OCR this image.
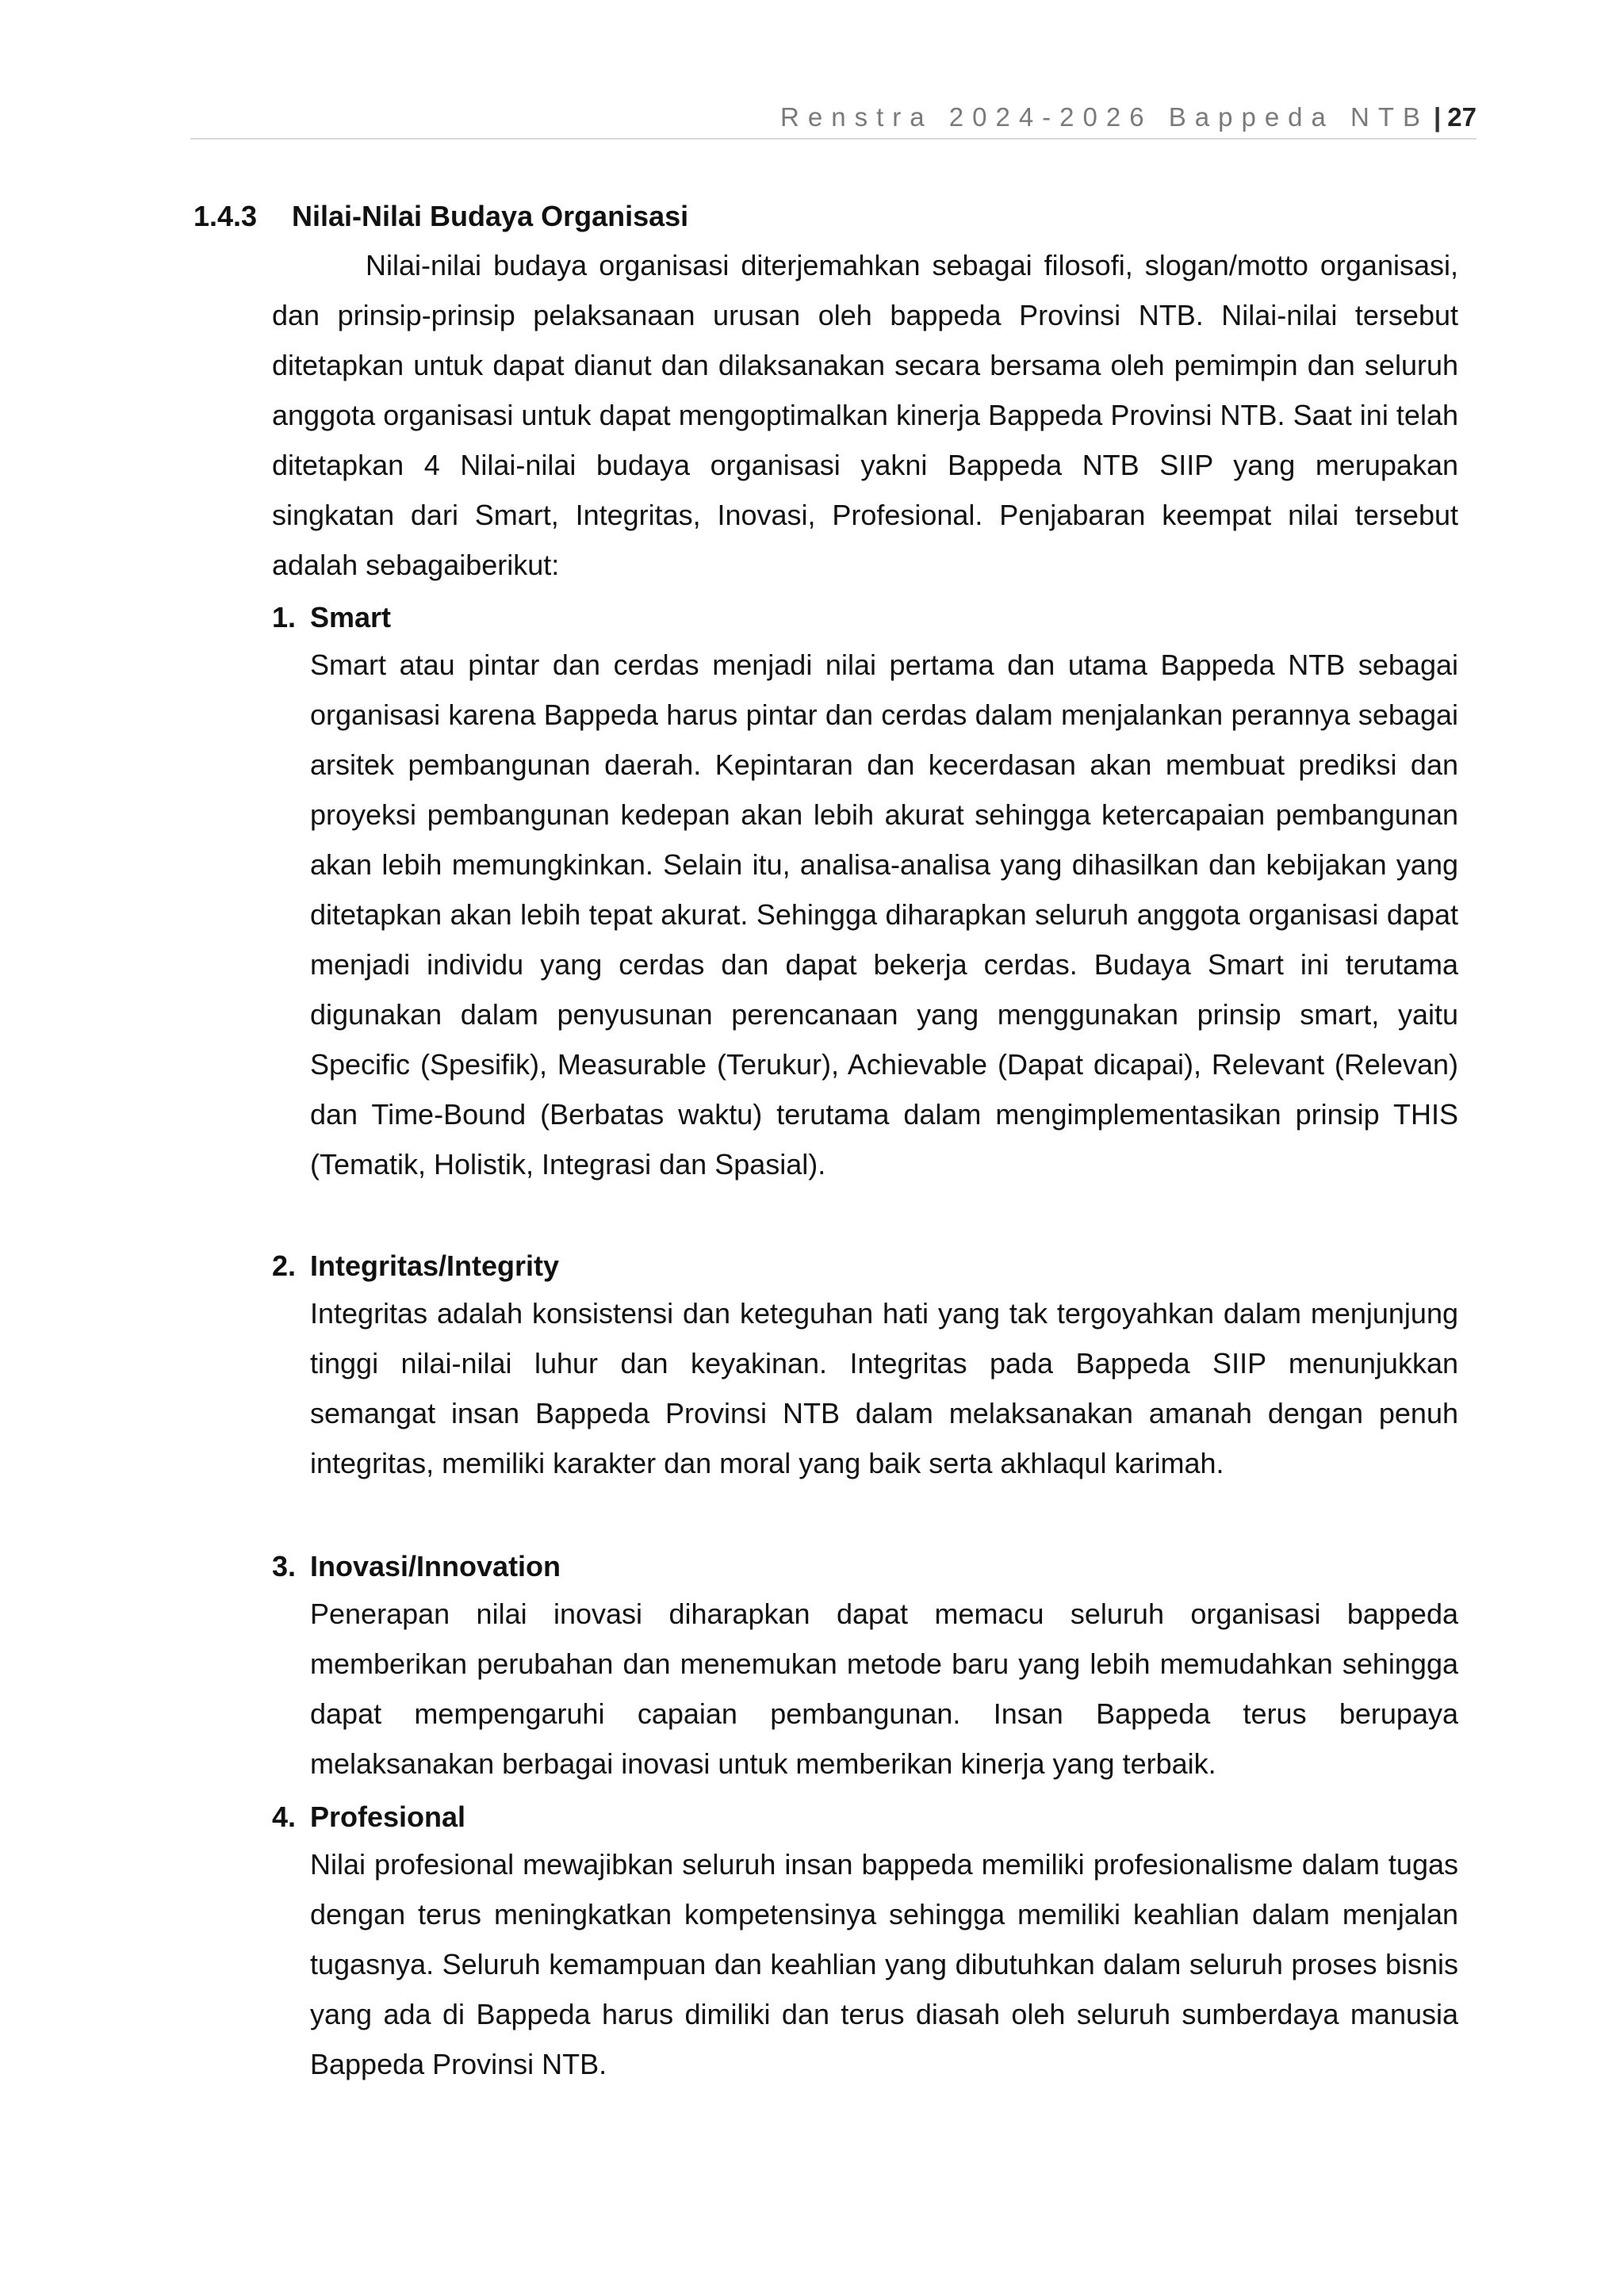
Renstra 2024-2026 Bappeda NTB | 27
1.4.3 Nilai-Nilai Budaya Organisasi

Nilai-nilai budaya organisasi diterjemahkan sebagai filosofi, slogan/motto organisasi, dan prinsip-prinsip pelaksanaan urusan oleh bappeda Provinsi NTB. Nilai-nilai tersebut ditetapkan untuk dapat dianut dan dilaksanakan secara bersama oleh pemimpin dan seluruh anggota organisasi untuk dapat mengoptimalkan kinerja Bappeda Provinsi NTB. Saat ini telah ditetapkan 4 Nilai-nilai budaya organisasi yakni Bappeda NTB SIIP yang merupakan singkatan dari Smart, Integritas, Inovasi, Profesional. Penjabaran keempat nilai tersebut adalah sebagaiberikut:

1. Smart

Smart atau pintar dan cerdas menjadi nilai pertama dan utama Bappeda NTB sebagai organisasi karena Bappeda harus pintar dan cerdas dalam menjalankan perannya sebagai arsitek pembangunan daerah. Kepintaran dan kecerdasan akan membuat prediksi dan proyeksi pembangunan kedepan akan lebih akurat sehingga ketercapaian pembangunan akan lebih memungkinkan. Selain itu, analisa-analisa yang dihasilkan dan kebijakan yang ditetapkan akan lebih tepat akurat. Sehingga diharapkan seluruh anggota organisasi dapat menjadi individu yang cerdas dan dapat bekerja cerdas. Budaya Smart ini terutama digunakan dalam penyusunan perencanaan yang menggunakan prinsip smart, yaitu Specific (Spesifik), Measurable (Terukur), Achievable (Dapat dicapai), Relevant (Relevan) dan Time-Bound (Berbatas waktu) terutama dalam mengimplementasikan prinsip THIS (Tematik, Holistik, Integrasi dan Spasial).

2. Integritas/Integrity

Integritas adalah konsistensi dan keteguhan hati yang tak tergoyahkan dalam menjunjung tinggi nilai-nilai luhur dan keyakinan. Integritas pada Bappeda SIIP menunjukkan semangat insan Bappeda Provinsi NTB dalam melaksanakan amanah dengan penuh integritas, memiliki karakter dan moral yang baik serta akhlaqul karimah.

3. Inovasi/Innovation

Penerapan nilai inovasi diharapkan dapat memacu seluruh organisasi bappeda memberikan perubahan dan menemukan metode baru yang lebih memudahkan sehingga dapat mempengaruhi capaian pembangunan. Insan Bappeda terus berupaya melaksanakan berbagai inovasi untuk memberikan kinerja yang terbaik.

4. Profesional

Nilai profesional mewajibkan seluruh insan bappeda memiliki profesionalisme dalam tugas dengan terus meningkatkan kompetensinya sehingga memiliki keahlian dalam menjalan tugasnya. Seluruh kemampuan dan keahlian yang dibutuhkan dalam seluruh proses bisnis yang ada di Bappeda harus dimiliki dan terus diasah oleh seluruh sumberdaya manusia Bappeda Provinsi NTB.
